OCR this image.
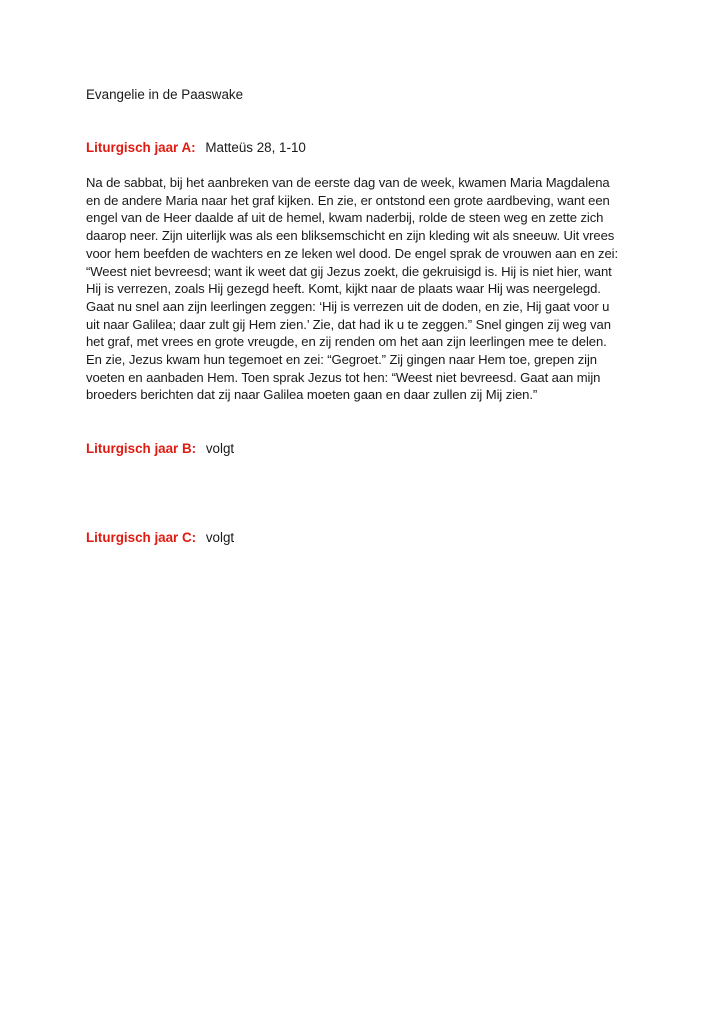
Evangelie in de Paaswake
Liturgisch jaar A: Matteüs 28, 1-10
Na de sabbat, bij het aanbreken van de eerste dag van de week, kwamen Maria Magdalena
en de andere Maria naar het graf kijken. En zie, er ontstond een grote aardbeving, want een
engel van de Heer daalde af uit de hemel, kwam naderbij, rolde de steen weg en zette zich
daarop neer. Zijn uiterlijk was als een bliksemschicht en zijn kleding wit als sneeuw. Uit vrees
voor hem beefden de wachters en ze leken wel dood. De engel sprak de vrouwen aan en zei:
“Weest niet bevreesd; want ik weet dat gij Jezus zoekt, die gekruisigd is. Hij is niet hier, want
Hij is verrezen, zoals Hij gezegd heeft. Komt, kijkt naar de plaats waar Hij was neergelegd.
Gaat nu snel aan zijn leerlingen zeggen: ‘Hij is verrezen uit de doden, en zie, Hij gaat voor u
uit naar Galilea; daar zult gij Hem zien.’ Zie, dat had ik u te zeggen.” Snel gingen zij weg van
het graf, met vrees en grote vreugde, en zij renden om het aan zijn leerlingen mee te delen.
En zie, Jezus kwam hun tegemoet en zei: “Gegroet.” Zij gingen naar Hem toe, grepen zijn
voeten en aanbaden Hem. Toen sprak Jezus tot hen: “Weest niet bevreesd. Gaat aan mijn
broeders berichten dat zij naar Galilea moeten gaan en daar zullen zij Mij zien.”
Liturgisch jaar B: volgt
Liturgisch jaar C: volgt
